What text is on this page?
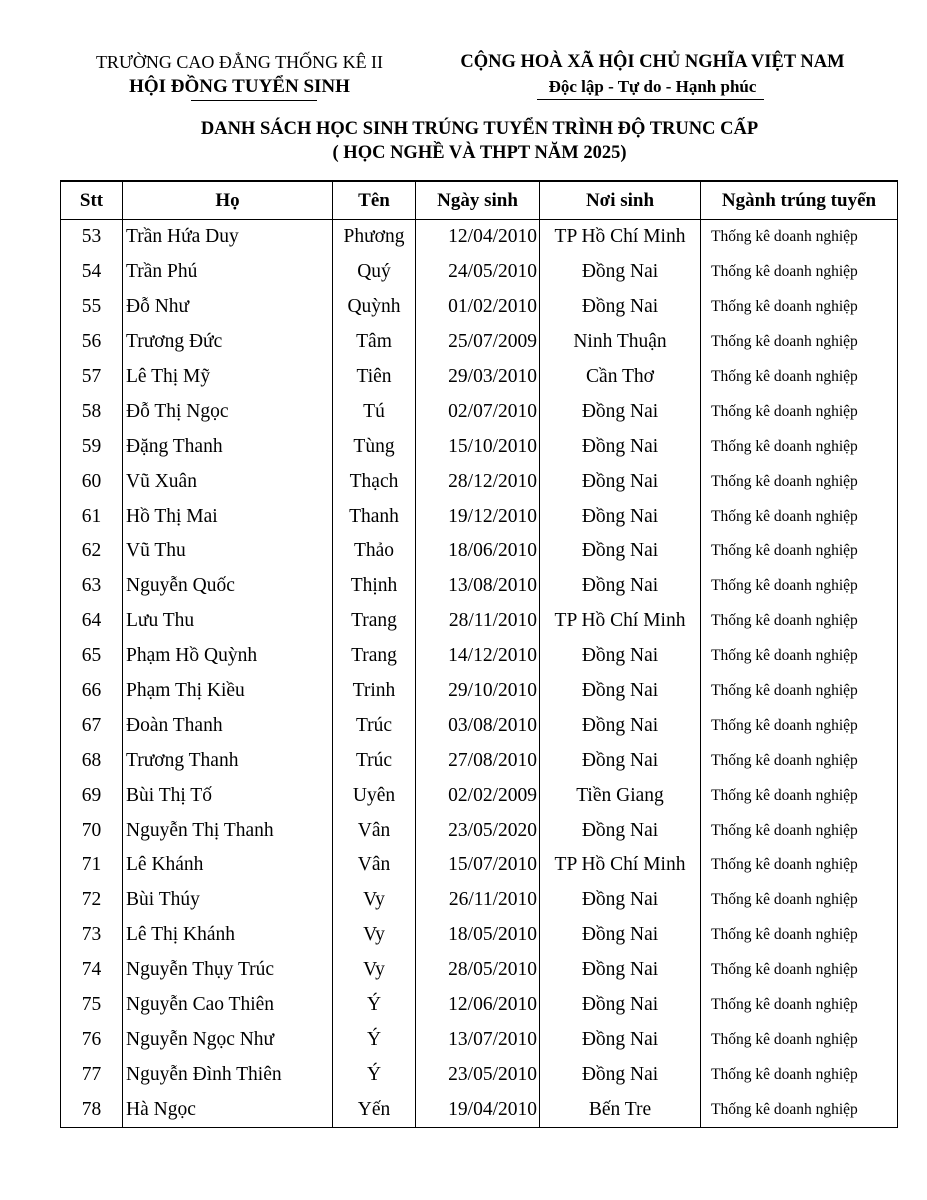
TRƯỜNG CAO ĐẲNG THỐNG KÊ II
HỘI ĐỒNG TUYỂN SINH
CỘNG HOÀ XÃ HỘI CHỦ NGHĨA VIỆT NAM
Độc lập - Tự do - Hạnh phúc
DANH SÁCH HỌC SINH TRÚNG TUYỂN TRÌNH ĐỘ TRUNC CẤP
( HỌC NGHỀ VÀ THPT NĂM 2025)
Stt	Họ	Tên	Ngày sinh	Nơi sinh	Ngành trúng tuyển
53	Trần Hứa Duy	Phương	12/04/2010	TP Hồ Chí Minh	Thống kê doanh nghiệp
54	Trần Phú	Quý	24/05/2010	Đồng Nai	Thống kê doanh nghiệp
55	Đỗ Như	Quỳnh	01/02/2010	Đồng Nai	Thống kê doanh nghiệp
56	Trương Đức	Tâm	25/07/2009	Ninh Thuận	Thống kê doanh nghiệp
57	Lê Thị Mỹ	Tiên	29/03/2010	Cần Thơ	Thống kê doanh nghiệp
58	Đỗ Thị Ngọc	Tú	02/07/2010	Đồng Nai	Thống kê doanh nghiệp
59	Đặng Thanh	Tùng	15/10/2010	Đồng Nai	Thống kê doanh nghiệp
60	Vũ Xuân	Thạch	28/12/2010	Đồng Nai	Thống kê doanh nghiệp
61	Hồ Thị Mai	Thanh	19/12/2010	Đồng Nai	Thống kê doanh nghiệp
62	Vũ Thu	Thảo	18/06/2010	Đồng Nai	Thống kê doanh nghiệp
63	Nguyễn Quốc	Thịnh	13/08/2010	Đồng Nai	Thống kê doanh nghiệp
64	Lưu Thu	Trang	28/11/2010	TP Hồ Chí Minh	Thống kê doanh nghiệp
65	Phạm Hồ Quỳnh	Trang	14/12/2010	Đồng Nai	Thống kê doanh nghiệp
66	Phạm Thị Kiều	Trinh	29/10/2010	Đồng Nai	Thống kê doanh nghiệp
67	Đoàn Thanh	Trúc	03/08/2010	Đồng Nai	Thống kê doanh nghiệp
68	Trương Thanh	Trúc	27/08/2010	Đồng Nai	Thống kê doanh nghiệp
69	Bùi Thị Tố	Uyên	02/02/2009	Tiền Giang	Thống kê doanh nghiệp
70	Nguyễn Thị Thanh	Vân	23/05/2020	Đồng Nai	Thống kê doanh nghiệp
71	Lê Khánh	Vân	15/07/2010	TP Hồ Chí Minh	Thống kê doanh nghiệp
72	Bùi Thúy	Vy	26/11/2010	Đồng Nai	Thống kê doanh nghiệp
73	Lê Thị Khánh	Vy	18/05/2010	Đồng Nai	Thống kê doanh nghiệp
74	Nguyễn Thụy Trúc	Vy	28/05/2010	Đồng Nai	Thống kê doanh nghiệp
75	Nguyễn Cao Thiên	Ý	12/06/2010	Đồng Nai	Thống kê doanh nghiệp
76	Nguyễn Ngọc Như	Ý	13/07/2010	Đồng Nai	Thống kê doanh nghiệp
77	Nguyễn Đình Thiên	Ý	23/05/2010	Đồng Nai	Thống kê doanh nghiệp
78	Hà Ngọc	Yến	19/04/2010	Bến Tre	Thống kê doanh nghiệp
